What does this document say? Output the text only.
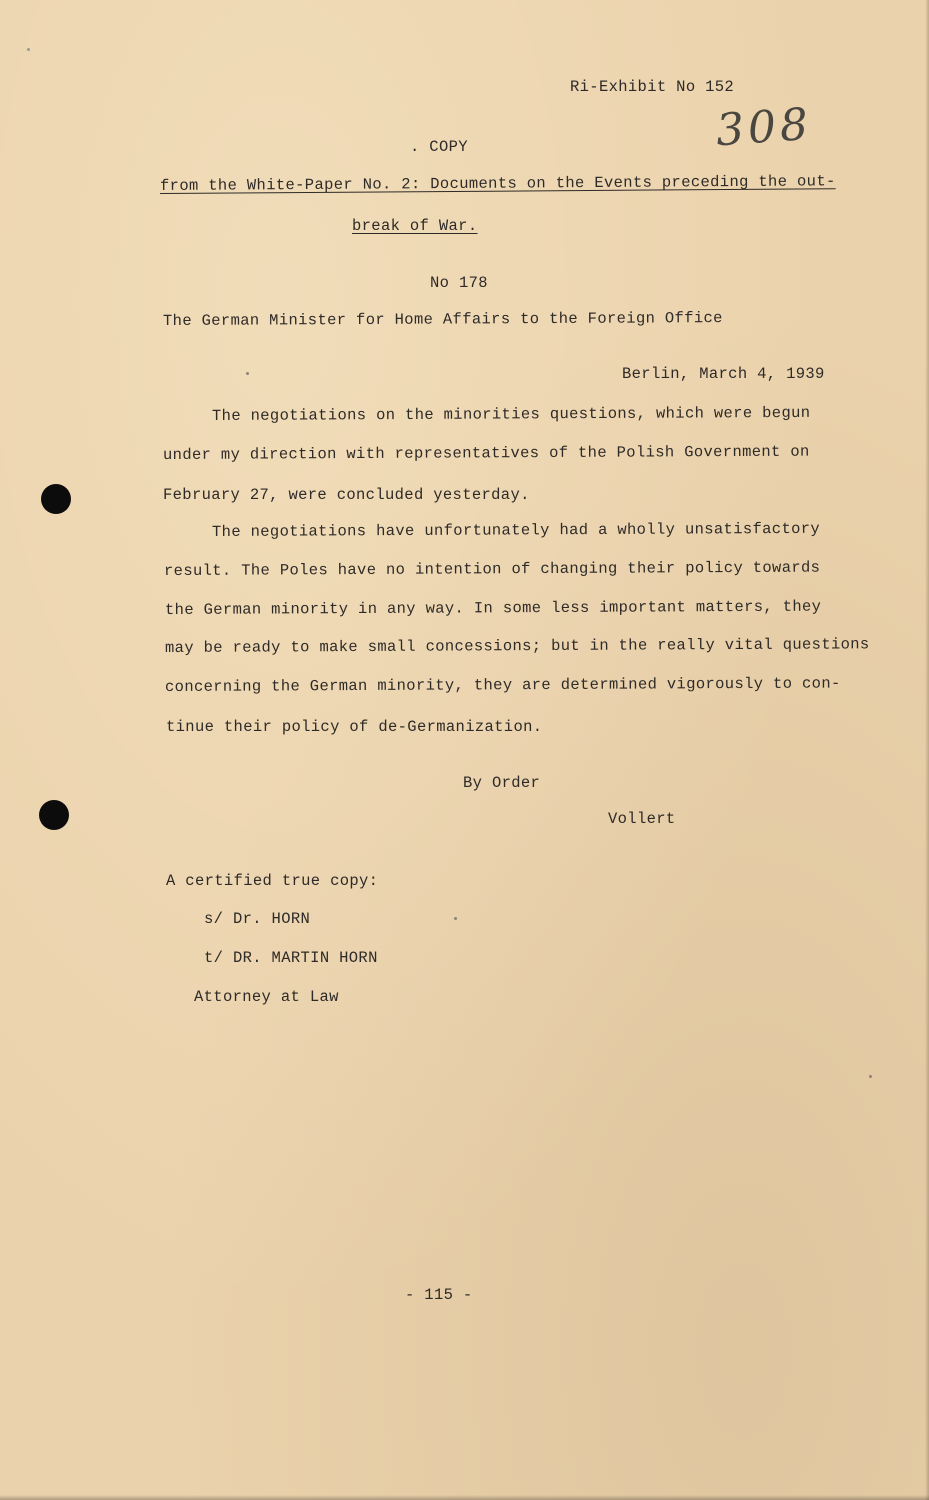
Ri-Exhibit No 152
308
. COPY
from the White-Paper No. 2: Documents on the Events preceding the out-
break of War.
No 178
The German Minister for Home Affairs to the Foreign Office
Berlin, March 4, 1939
The negotiations on the minorities questions, which were begun
under my direction with representatives of the Polish Government on
February 27, were concluded yesterday.
The negotiations have unfortunately had a wholly unsatisfactory
result. The Poles have no intention of changing their policy towards
the German minority in any way. In some less important matters, they
may be ready to make small concessions; but in the really vital questions
concerning the German minority, they are determined vigorously to con-
tinue their policy of de-Germanization.
By Order
Vollert
A certified true copy:
s/ Dr. HORN
t/ DR. MARTIN HORN
Attorney at Law
- 115 -
